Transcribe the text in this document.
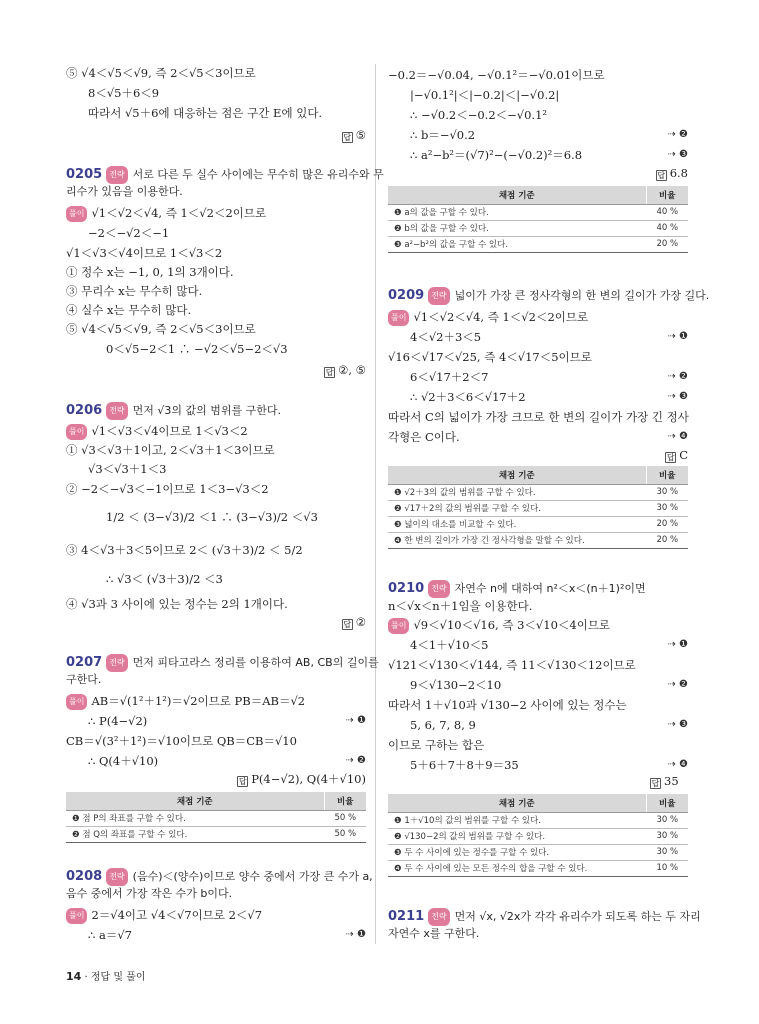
⑤ √4＜√5＜√9, 즉 2＜√5＜3이므로
8＜√5＋6＜9
따라서 √5＋6에 대응하는 점은 구간 E에 있다.
답 ⑤
0205 전략 서로 다른 두 실수 사이에는 무수히 많은 유리수와 무
리수가 있음을 이용한다.
풀이 √1＜√2＜√4, 즉 1＜√2＜2이므로
−2＜−√2＜−1
√1＜√3＜√4이므로 1＜√3＜2
① 정수 x는 −1, 0, 1의 3개이다.
③ 무리수 x는 무수히 많다.
④ 실수 x는 무수히 많다.
⑤ √4＜√5＜√9, 즉 2＜√5＜3이므로
0＜√5−2＜1 ∴ −√2＜√5−2＜√3
답 ②, ⑤
0206 전략 먼저 √3의 값의 범위를 구한다.
풀이 √1＜√3＜√4이므로 1＜√3＜2
① √3＜√3＋1이고, 2＜√3＋1＜3이므로
√3＜√3＋1＜3
② −2＜−√3＜−1이므로 1＜3−√3＜2
1/2 ＜ (3−√3)/2 ＜1 ∴ (3−√3)/2 ＜√3
③ 4＜√3＋3＜5이므로 2＜ (√3＋3)/2 ＜ 5/2
∴ √3＜ (√3＋3)/2 ＜3
④ √3과 3 사이에 있는 정수는 2의 1개이다.
답 ②
0207 전략 먼저 피타고라스 정리를 이용하여 AB, CB의 길이를
구한다.
풀이 AB＝√(1²＋1²)＝√2이므로 PB＝AB＝√2
∴ P(4−√2)	⇢ ❶
CB＝√(3²＋1²)＝√10이므로 QB＝CB＝√10
∴ Q(4＋√10)	⇢ ❷
답 P(4−√2), Q(4＋√10)
채점 기준	비율
❶ 점 P의 좌표를 구할 수 있다.	50 %
❷ 점 Q의 좌표를 구할 수 있다.	50 %
0208 전략 (음수)＜(양수)이므로 양수 중에서 가장 큰 수가 a,
음수 중에서 가장 작은 수가 b이다.
풀이 2＝√4이고 √4＜√7이므로 2＜√7
∴ a＝√7	⇢ ❶
−0.2＝−√0.04, −√0.1²＝−√0.01이므로
|−√0.1²|＜|−0.2|＜|−√0.2|
∴ −√0.2＜−0.2＜−√0.1²
∴ b＝−√0.2	⇢ ❷
∴ a²−b²＝(√7)²−(−√0.2)²＝6.8	⇢ ❸
답 6.8
채점 기준	비율
❶ a의 값을 구할 수 있다.	40 %
❷ b의 값을 구할 수 있다.	40 %
❸ a²−b²의 값을 구할 수 있다.	20 %
0209 전략 넓이가 가장 큰 정사각형의 한 변의 길이가 가장 길다.
풀이 √1＜√2＜√4, 즉 1＜√2＜2이므로
4＜√2＋3＜5	⇢ ❶
√16＜√17＜√25, 즉 4＜√17＜5이므로
6＜√17＋2＜7	⇢ ❷
∴ √2＋3＜6＜√17＋2	⇢ ❸
따라서 C의 넓이가 가장 크므로 한 변의 길이가 가장 긴 정사
각형은 C이다.	⇢ ❹
답 C
채점 기준	비율
❶ √2＋3의 값의 범위를 구할 수 있다.	30 %
❷ √17＋2의 값의 범위를 구할 수 있다.	30 %
❸ 넓이의 대소를 비교할 수 있다.	20 %
❹ 한 변의 길이가 가장 긴 정사각형을 말할 수 있다.	20 %
0210 전략 자연수 n에 대하여 n²＜x＜(n＋1)²이면
n＜√x＜n＋1임을 이용한다.
풀이 √9＜√10＜√16, 즉 3＜√10＜4이므로
4＜1＋√10＜5	⇢ ❶
√121＜√130＜√144, 즉 11＜√130＜12이므로
9＜√130−2＜10	⇢ ❷
따라서 1＋√10과 √130−2 사이에 있는 정수는
5, 6, 7, 8, 9	⇢ ❸
이므로 구하는 합은
5＋6＋7＋8＋9＝35	⇢ ❹
답 35
채점 기준	비율
❶ 1＋√10의 값의 범위를 구할 수 있다.	30 %
❷ √130−2의 값의 범위를 구할 수 있다.	30 %
❸ 두 수 사이에 있는 정수를 구할 수 있다.	30 %
❹ 두 수 사이에 있는 모든 정수의 합을 구할 수 있다.	10 %
0211 전략 먼저 √x, √2x가 각각 유리수가 되도록 하는 두 자리
자연수 x를 구한다.
14 · 정답 및 풀이
